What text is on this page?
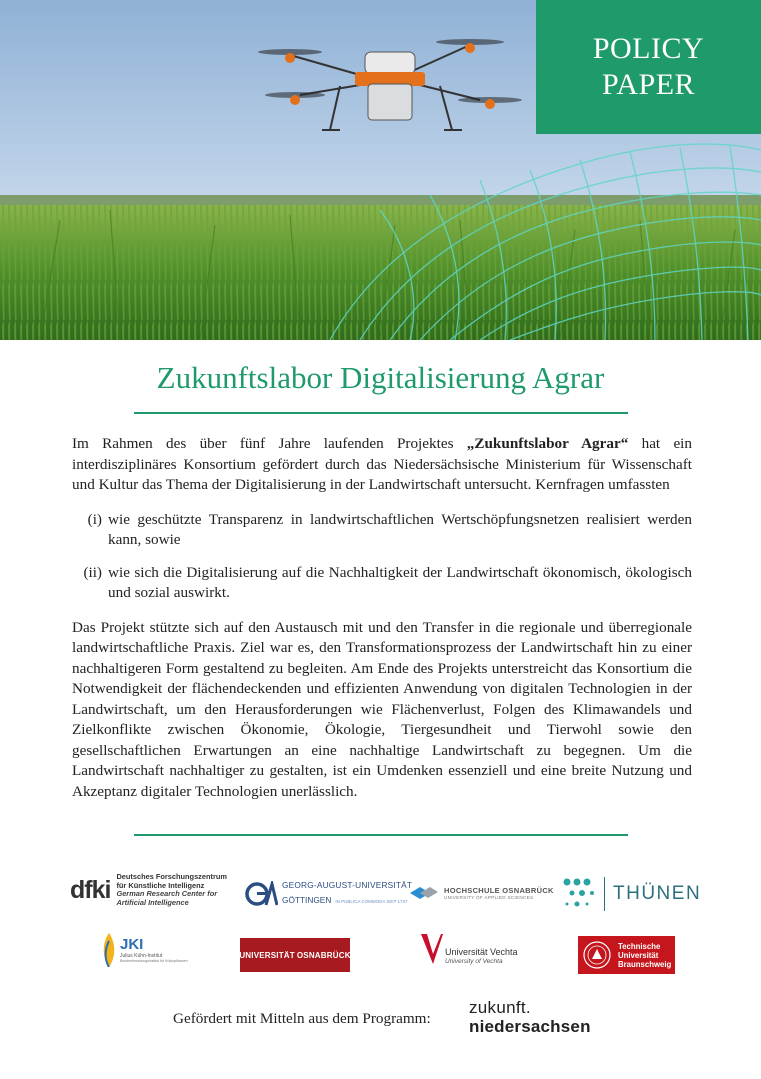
POLICY
PAPER
Zukunftslabor Digitalisierung Agrar

Im Rahmen des über fünf Jahre laufenden Projektes „Zukunftslabor Agrar“ hat ein interdisziplinäres Konsortium gefördert durch das Niedersächsische Ministerium für Wissenschaft und Kultur das Thema der Digitalisierung in der Landwirtschaft untersucht. Kernfragen umfassten

(i) wie geschützte Transparenz in landwirtschaftlichen Wertschöpfungsnetzen realisiert werden kann, sowie
(ii) wie sich die Digitalisierung auf die Nachhaltigkeit der Landwirtschaft ökonomisch, ökologisch und sozial auswirkt.

Das Projekt stützte sich auf den Austausch mit und den Transfer in die regionale und überregionale landwirtschaftliche Praxis. Ziel war es, den Transformationsprozess der Landwirtschaft hin zu einer nachhaltigeren Form gestaltend zu begleiten. Am Ende des Projekts unterstreicht das Konsortium die Notwendigkeit der flächendeckenden und effizienten Anwendung von digitalen Technologien in der Landwirtschaft, um den Herausforderungen wie Flächenverlust, Folgen des Klimawandels und Zielkonflikte zwischen Ökonomie, Ökologie, Tiergesundheit und Tierwohl sowie den gesellschaftlichen Erwartungen an eine nachhaltige Landwirtschaft zu begegnen. Um die Landwirtschaft nachhaltiger zu gestalten, ist ein Umdenken essenziell und eine breite Nutzung und Akzeptanz digitaler Technologien unerlässlich.

dfki Deutsches Forschungszentrum
für Künstliche Intelligenz
German Research Center for
Artificial Intelligence
GEORG-AUGUST-UNIVERSITÄT
GÖTTINGEN IN PUBLICA COMMODA SEIT 1737
HOCHSCHULE OSNABRÜCK
UNIVERSITY OF APPLIED SCIENCES	THÜNEN
JKI
Julius Kühn-Institut
Bundesforschungsinstitut für Kulturpflanzen
UNIVERSITÄT OSNABRÜCK	Universität Vechta
University of Vechta
Technische
Universität
Braunschweig
Gefördert mit Mitteln aus dem Programm:
zukunft.
niedersachsen
